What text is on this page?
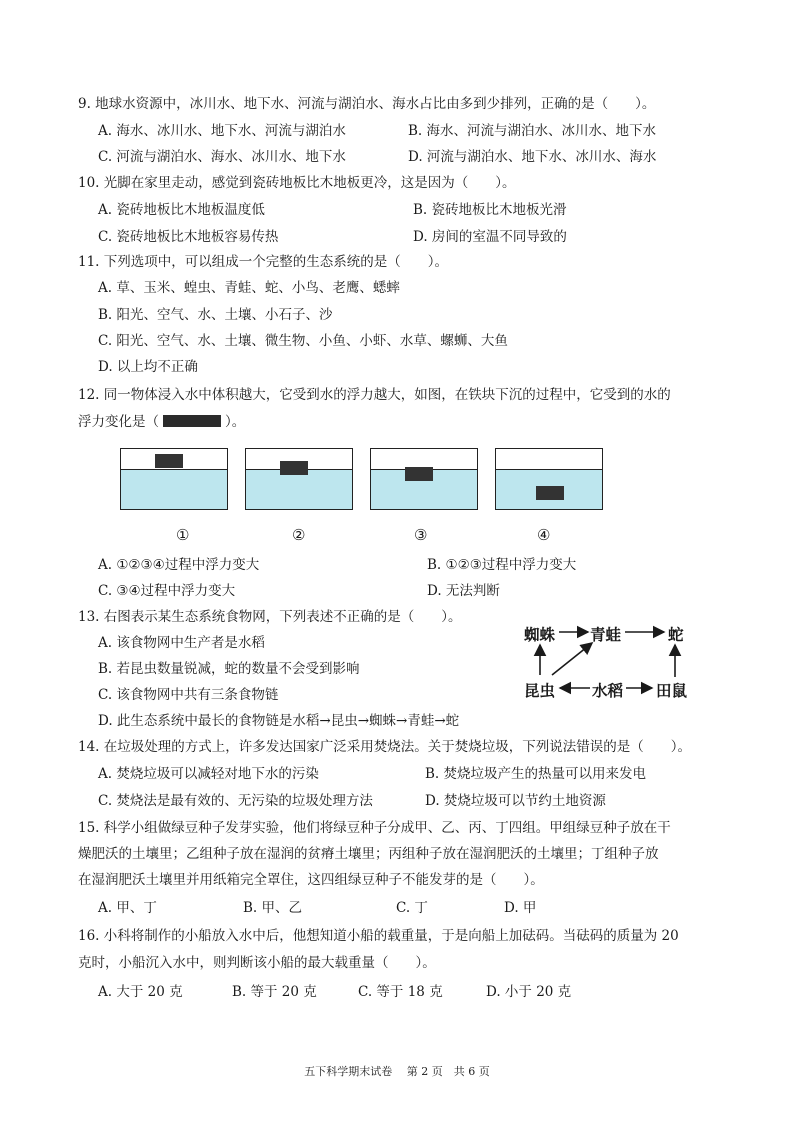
9. 地球水资源中，冰川水、地下水、河流与湖泊水、海水占比由多到少排列，正确的是（　　）。
A. 海水、冰川水、地下水、河流与湖泊水	B. 海水、河流与湖泊水、冰川水、地下水
C. 河流与湖泊水、海水、冰川水、地下水	D. 河流与湖泊水、地下水、冰川水、海水
10. 光脚在家里走动，感觉到瓷砖地板比木地板更冷，这是因为（　　）。
A. 瓷砖地板比木地板温度低	B. 瓷砖地板比木地板光滑
C. 瓷砖地板比木地板容易传热	D. 房间的室温不同导致的
11. 下列选项中，可以组成一个完整的生态系统的是（　　）。
A. 草、玉米、蝗虫、青蛙、蛇、小鸟、老鹰、蟋蟀
B. 阳光、空气、水、土壤、小石子、沙
C. 阳光、空气、水、土壤、微生物、小鱼、小虾、水草、螺蛳、大鱼
D. 以上均不正确
12. 同一物体浸入水中体积越大，它受到水的浮力越大，如图，在铁块下沉的过程中，它受到的水的
浮力变化是（	）。
①	②	③	④
A. ①②③④过程中浮力变大	B. ①②③过程中浮力变大
C. ③④过程中浮力变大	D. 无法判断
13. 右图表示某生态系统食物网，下列表述不正确的是（　　）。
A. 该食物网中生产者是水稻
B. 若昆虫数量锐减，蛇的数量不会受到影响
C. 该食物网中共有三条食物链
D. 此生态系统中最长的食物链是水稻→昆虫→蜘蛛→青蛙→蛇
蜘蛛 青蛙	蛇
昆虫 水稻 田鼠
14. 在垃圾处理的方式上，许多发达国家广泛采用焚烧法。关于焚烧垃圾，下列说法错误的是（　　）。
A. 焚烧垃圾可以减轻对地下水的污染	B. 焚烧垃圾产生的热量可以用来发电
C. 焚烧法是最有效的、无污染的垃圾处理方法	D. 焚烧垃圾可以节约土地资源
15. 科学小组做绿豆种子发芽实验，他们将绿豆种子分成甲、乙、丙、丁四组。甲组绿豆种子放在干
燥肥沃的土壤里；乙组种子放在湿润的贫瘠土壤里；丙组种子放在湿润肥沃的土壤里；丁组种子放
在湿润肥沃土壤里并用纸箱完全罩住，这四组绿豆种子不能发芽的是（　　）。
A. 甲、丁	B. 甲、乙	C. 丁	D. 甲
16. 小科将制作的小船放入水中后，他想知道小船的载重量，于是向船上加砝码。当砝码的质量为 20
克时，小船沉入水中，则判断该小船的最大载重量（　　）。
A. 大于 20 克	B. 等于 20 克	C. 等于 18 克	D. 小于 20 克
五下科学期末试卷　 第 2 页　共 6 页
